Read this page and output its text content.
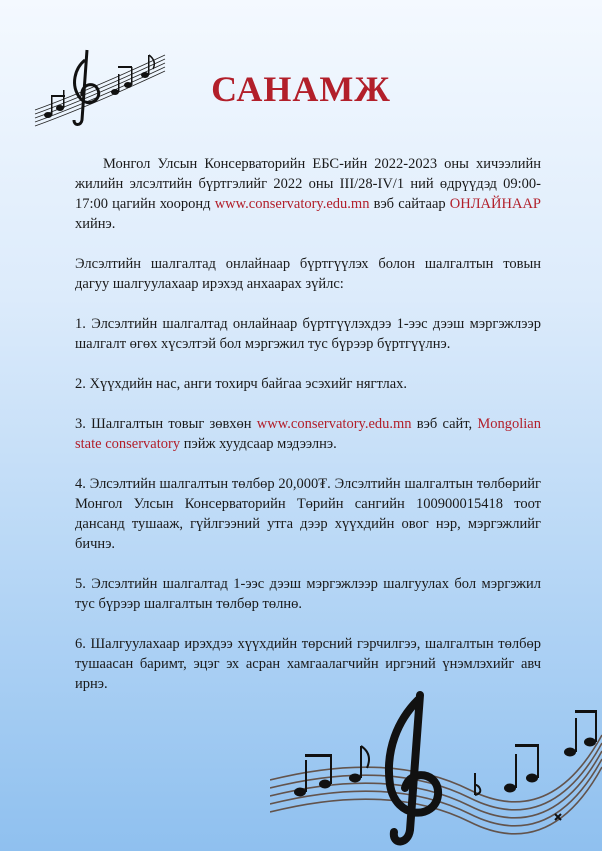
САНАМЖ

Монгол Улсын Консерваторийн ЕБС-ийн 2022-2023 оны хичээлийн жилийн элсэлтийн бүртгэлийг 2022 оны III/28-IV/1 ний өдрүүдэд 09:00-17:00 цагийн хооронд www.conservatory.edu.mn вэб сайтаар ОНЛАЙНААР хийнэ.

Элсэлтийн шалгалтад онлайнаар бүртгүүлэх болон шалгалтын товын дагуу шалгуулахаар ирэхэд анхаарах зүйлс:

1. Элсэлтийн шалгалтад онлайнаар бүртгүүлэхдээ 1-ээс дээш мэргэжлээр шалгалт өгөх хүсэлтэй бол мэргэжил тус бүрээр бүртгүүлнэ.

2. Хүүхдийн нас, анги тохирч байгаа эсэхийг нягтлах.

3. Шалгалтын товыг зөвхөн www.conservatory.edu.mn вэб сайт, Mongolian state conservatory пэйж хуудсаар мэдээлнэ.

4. Элсэлтийн шалгалтын төлбөр 20,000₮. Элсэлтийн шалгалтын төлбөрийг Монгол Улсын Консерваторийн Төрийн сангийн 100900015418 тоот дансанд тушааж, гүйлгээний утга дээр хүүхдийн овог нэр, мэргэжлийг бичнэ.

5. Элсэлтийн шалгалтад 1-ээс дээш мэргэжлээр шалгуулах бол мэргэжил тус бүрээр шалгалтын төлбөр төлнө.

6. Шалгуулахаар ирэхдээ хүүхдийн төрсний гэрчилгээ, шалгалтын төлбөр тушаасан баримт, эцэг эх асран хамгаалагчийн иргэний үнэмлэхийг авч ирнэ.
